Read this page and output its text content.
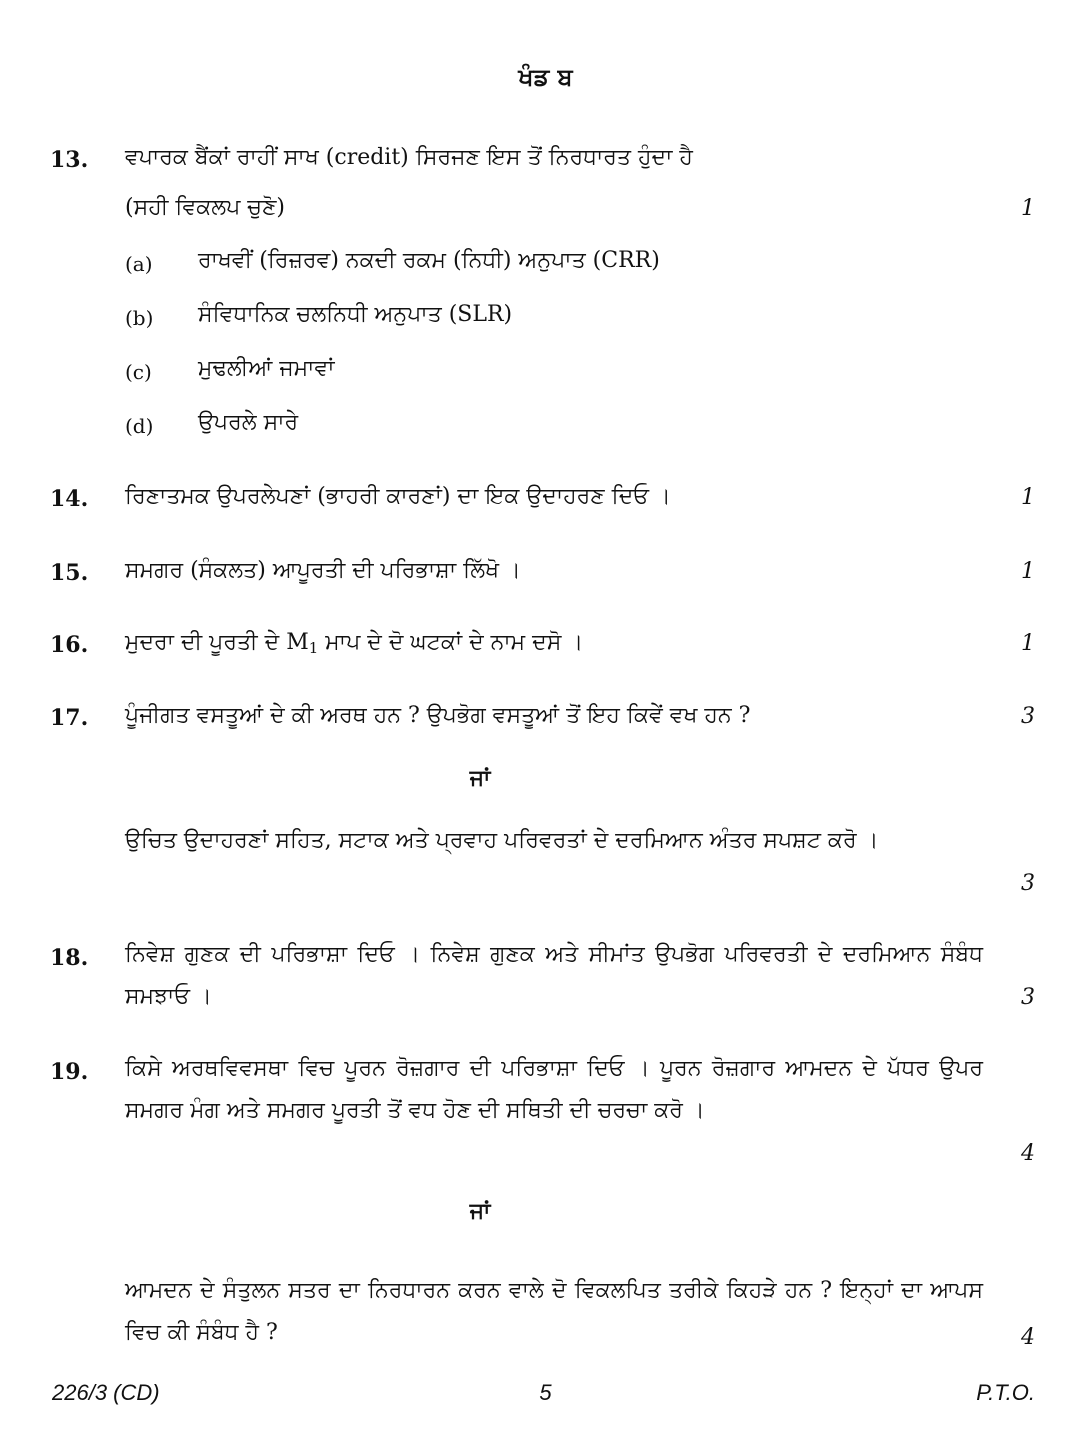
ਖੰਡ ਬ
13.	ਵਪਾਰਕ ਬੈਂਕਾਂ ਰਾਹੀਂ ਸਾਖ (credit) ਸਿਰਜਣ ਇਸ ਤੋਂ ਨਿਰਧਾਰਤ ਹੁੰਦਾ ਹੈ
(ਸਹੀ ਵਿਕਲਪ ਚੁਣੋ)	1
(a) ਰਾਖਵੀਂ (ਰਿਜ਼ਰਵ) ਨਕਦੀ ਰਕਮ (ਨਿਧੀ) ਅਨੁਪਾਤ (CRR)
(b) ਸੰਵਿਧਾਨਿਕ ਚਲਨਿਧੀ ਅਨੁਪਾਤ (SLR)
(c) ਮੁਢਲੀਆਂ ਜਮਾਵਾਂ
(d) ਉਪਰਲੇ ਸਾਰੇ
14.	ਰਿਣਾਤਮਕ ਉਪਰਲੇਪਣਾਂ (ਭਾਹਰੀ ਕਾਰਣਾਂ) ਦਾ ਇਕ ਉਦਾਹਰਣ ਦਿਓ ।	1
15.	ਸਮਗਰ (ਸੰਕਲਤ) ਆਪੂਰਤੀ ਦੀ ਪਰਿਭਾਸ਼ਾ ਲਿੱਖੋ ।	1
16.	ਮੁਦਰਾ ਦੀ ਪੂਰਤੀ ਦੇ $M_1$ ਮਾਪ ਦੇ ਦੋ ਘਟਕਾਂ ਦੇ ਨਾਮ ਦਸੋ ।	1
17.	ਪੂੰਜੀਗਤ ਵਸਤੂਆਂ ਦੇ ਕੀ ਅਰਥ ਹਨ ? ਉਪਭੋਗ ਵਸਤੂਆਂ ਤੋਂ ਇਹ ਕਿਵੇਂ ਵਖ ਹਨ ?	3
ਜਾਂ
ਉਚਿਤ ਉਦਾਹਰਣਾਂ ਸਹਿਤ, ਸਟਾਕ ਅਤੇ ਪ੍ਰਵਾਹ ਪਰਿਵਰਤਾਂ ਦੇ ਦਰਮਿਆਨ ਅੰਤਰ ਸਪਸ਼ਟ ਕਰੋ ।
3
18.	ਨਿਵੇਸ਼ ਗੁਣਕ ਦੀ ਪਰਿਭਾਸ਼ਾ ਦਿਓ । ਨਿਵੇਸ਼ ਗੁਣਕ ਅਤੇ ਸੀਮਾਂਤ ਉਪਭੋਗ ਪਰਿਵਰਤੀ ਦੇ ਦਰਮਿਆਨ ਸੰਬੰਧ ਸਮਝਾਓ ।	3
19.	ਕਿਸੇ ਅਰਥਵਿਵਸਥਾ ਵਿਚ ਪੂਰਨ ਰੋਜ਼ਗਾਰ ਦੀ ਪਰਿਭਾਸ਼ਾ ਦਿਓ । ਪੂਰਨ ਰੋਜ਼ਗਾਰ ਆਮਦਨ ਦੇ ਪੱਧਰ ਉਪਰ ਸਮਗਰ ਮੰਗ ਅਤੇ ਸਮਗਰ ਪੂਰਤੀ ਤੋਂ ਵਧ ਹੋਣ ਦੀ ਸਥਿਤੀ ਦੀ ਚਰਚਾ ਕਰੋ ।
4
ਜਾਂ
ਆਮਦਨ ਦੇ ਸੰਤੁਲਨ ਸਤਰ ਦਾ ਨਿਰਧਾਰਨ ਕਰਨ ਵਾਲੇ ਦੋ ਵਿਕਲਪਿਤ ਤਰੀਕੇ ਕਿਹੜੇ ਹਨ ? ਇਨ੍ਹਾਂ ਦਾ ਆਪਸ ਵਿਚ ਕੀ ਸੰਬੰਧ ਹੈ ?	4
226/3 (CD)	5	P.T.O.
